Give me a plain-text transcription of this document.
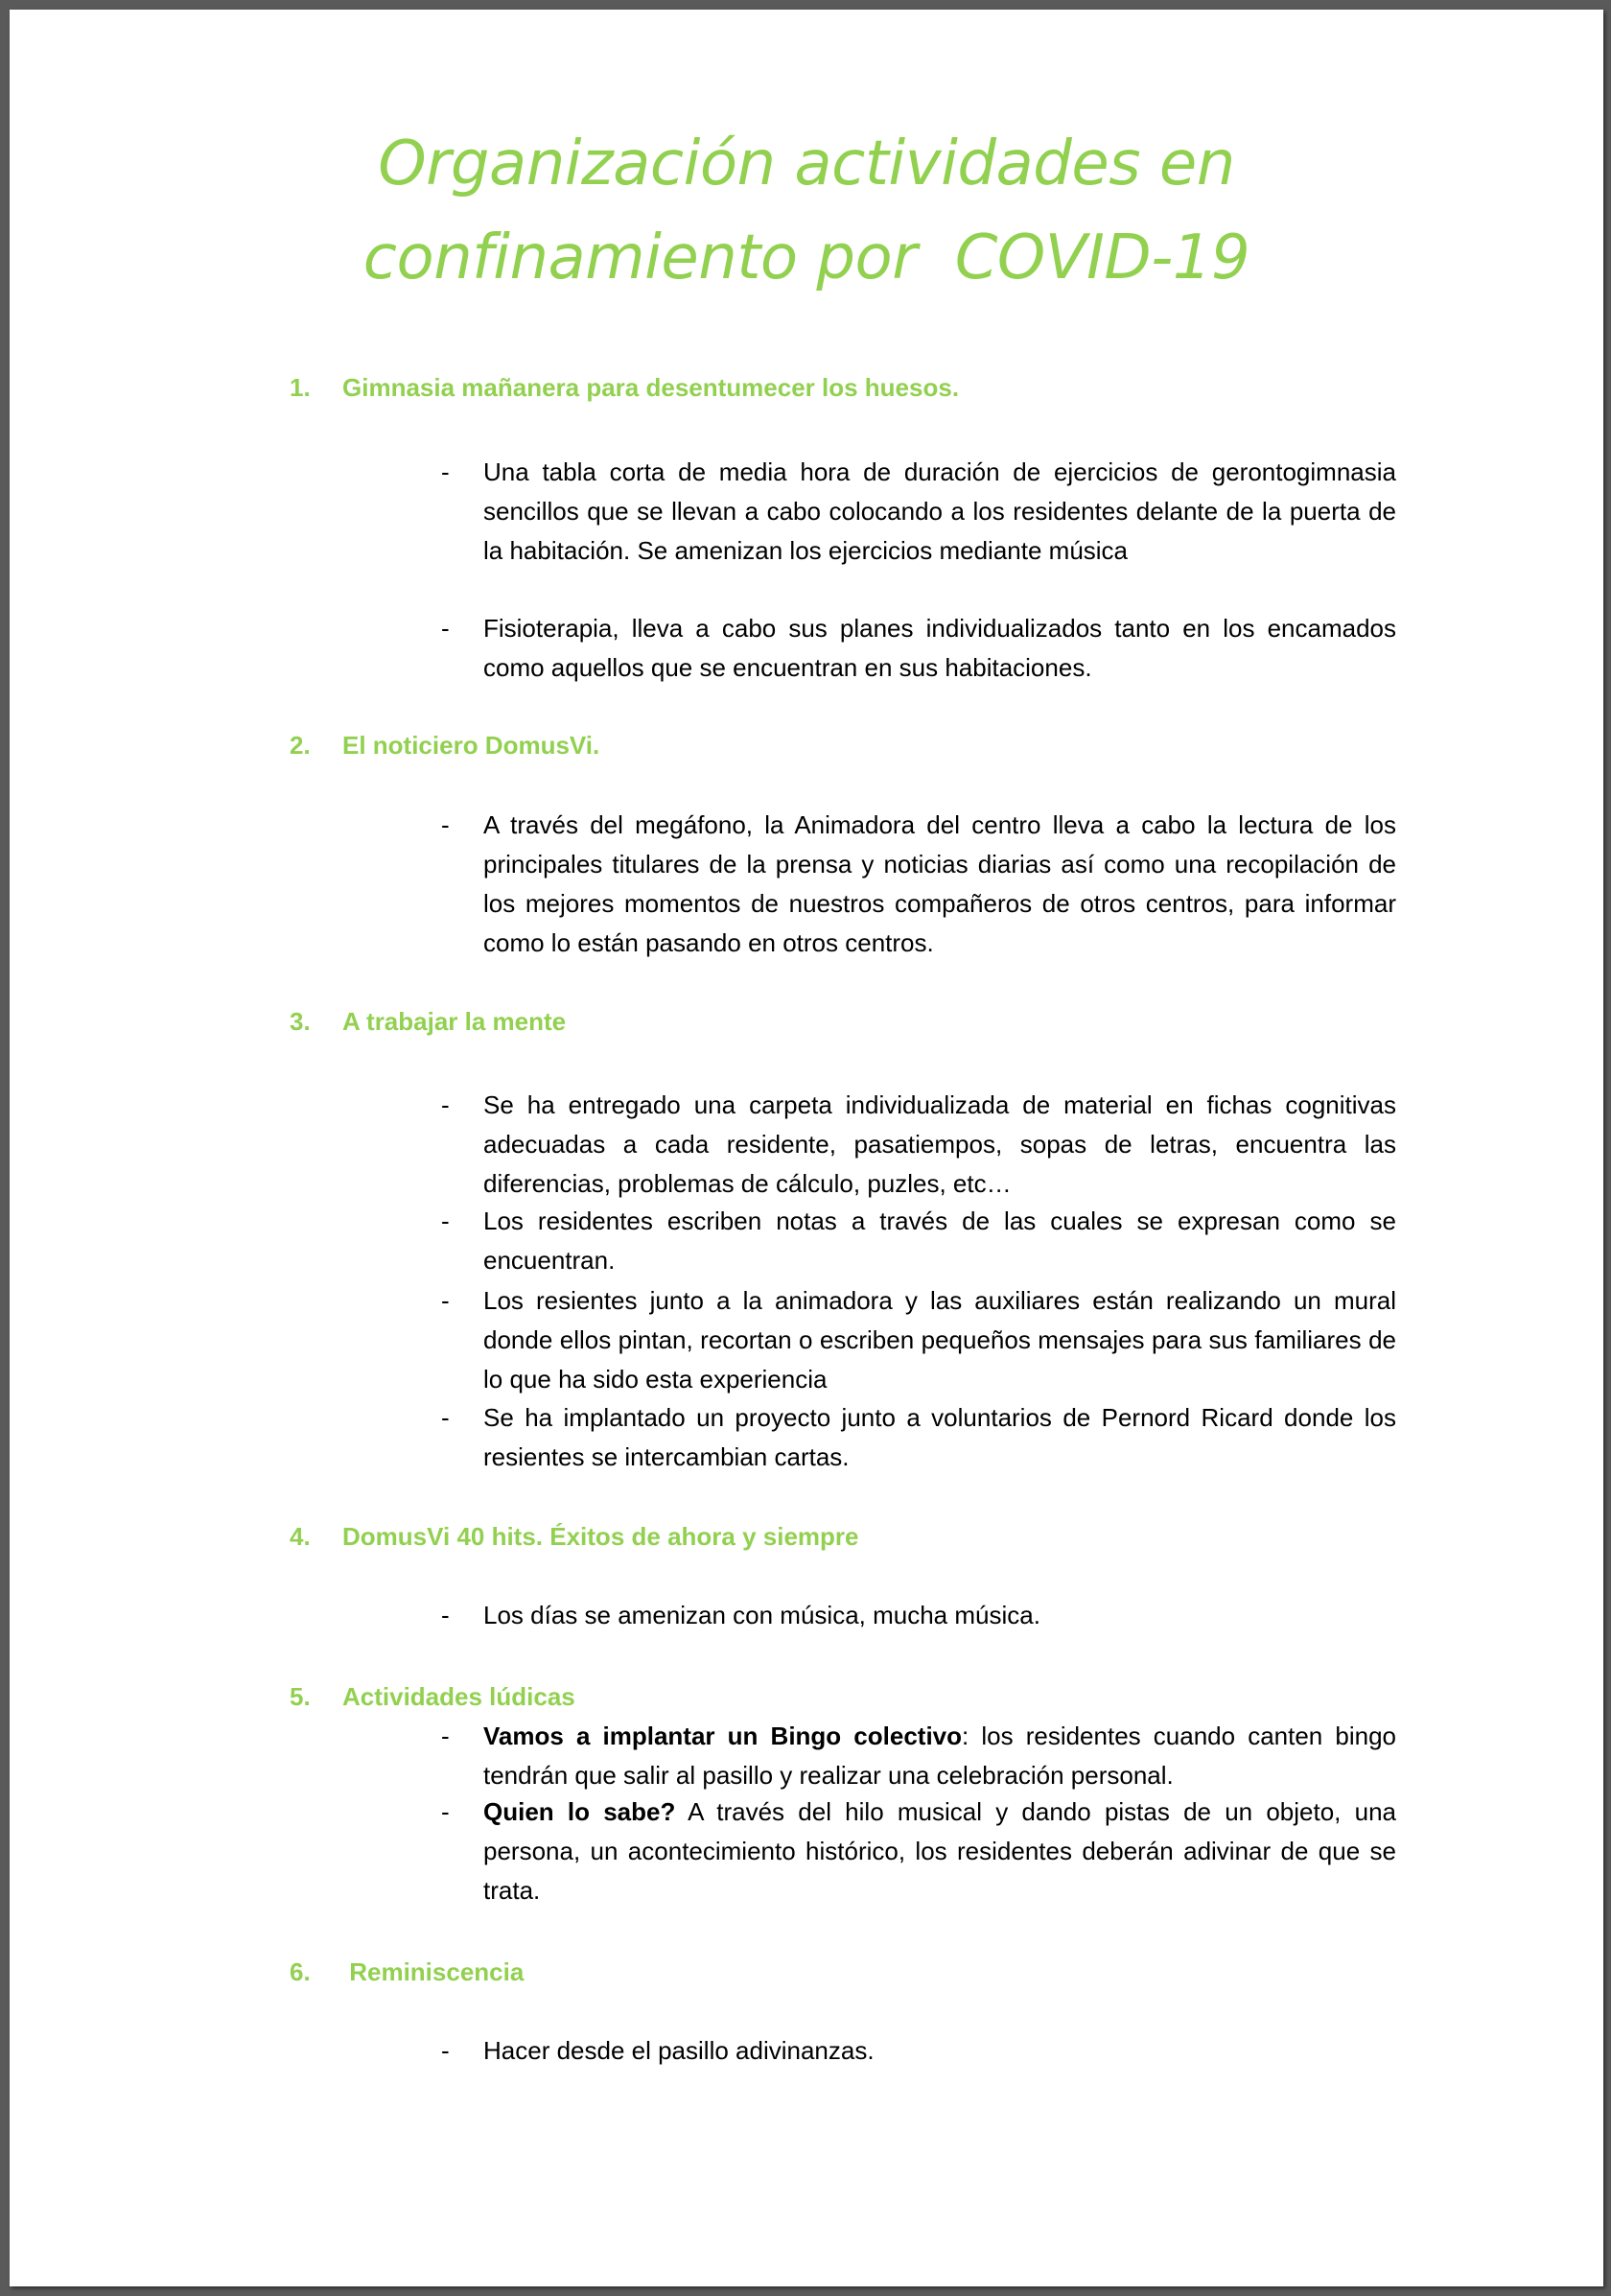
Organización actividades en
confinamiento por  COVID-19
1. Gimnasia mañanera para desentumecer los huesos.
- Una tabla corta de media hora de duración de ejercicios de gerontogimnasia sencillos que se llevan a cabo colocando a los residentes delante de la puerta de la habitación. Se amenizan los ejercicios mediante música
- Fisioterapia, lleva a cabo sus planes individualizados tanto en los encamados como aquellos que se encuentran en sus habitaciones.
2. El noticiero DomusVi.
- A través del megáfono, la Animadora del centro lleva a cabo la lectura de los principales titulares de la prensa y noticias diarias así como una recopilación de los mejores momentos de nuestros compañeros de otros centros, para informar como lo están pasando en otros centros.
3. A trabajar la mente
- Se ha entregado una carpeta individualizada de material en fichas cognitivas adecuadas a cada residente, pasatiempos, sopas de letras, encuentra las diferencias, problemas de cálculo, puzles, etc…
- Los residentes escriben notas a través de las cuales se expresan como se encuentran.
- Los resientes junto a la animadora y las auxiliares están realizando un mural donde ellos pintan, recortan o escriben pequeños mensajes para sus familiares de lo que ha sido esta experiencia
- Se ha implantado un proyecto junto a voluntarios de Pernord Ricard donde los resientes se intercambian cartas.
4. DomusVi 40 hits. Éxitos de ahora y siempre
- Los días se amenizan con música, mucha música.
5. Actividades lúdicas
- Vamos a implantar un Bingo colectivo: los residentes cuando canten bingo tendrán que salir al pasillo y realizar una celebración personal.
- Quien lo sabe? A través del hilo musical y dando pistas de un objeto, una persona, un acontecimiento histórico, los residentes deberán adivinar de que se trata.
6. Reminiscencia
- Hacer desde el pasillo adivinanzas.
